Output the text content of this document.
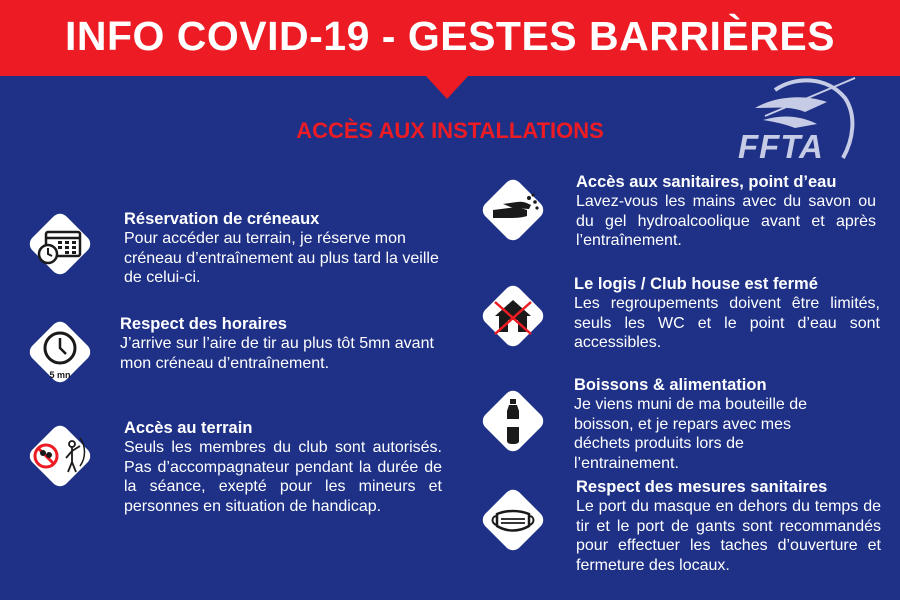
INFO COVID-19 - GESTES BARRIÈRES
ACCÈS AUX INSTALLATIONS	FFTA
5 mn
Réservation de créneaux
Pour accéder au terrain, je réserve mon créneau d’entraînement au plus tard la veille de celui-ci.
Respect des horaires
J’arrive sur l’aire de tir au plus tôt 5mn avant mon créneau d’entraînement.
Accès au terrain
Seuls les membres du club sont autorisés. Pas d’accompagnateur pendant la durée de la séance, exepté pour les mineurs et personnes en situation de handicap.
Accès aux sanitaires, point d’eau
Lavez-vous les mains avec du savon ou du gel hydroalcoolique avant et après l’entraînement.
Le logis / Club house est fermé
Les regroupements doivent être limités, seuls les WC et le point d’eau sont accessibles.
Boissons & alimentation
Je viens muni de ma bouteille de boisson, et je repars avec mes déchets produits lors de l’entrainement.
Respect des mesures sanitaires
Le port du masque en dehors du temps de tir et le port de gants sont recommandés pour effectuer les taches d’ouverture et fermeture des locaux.
